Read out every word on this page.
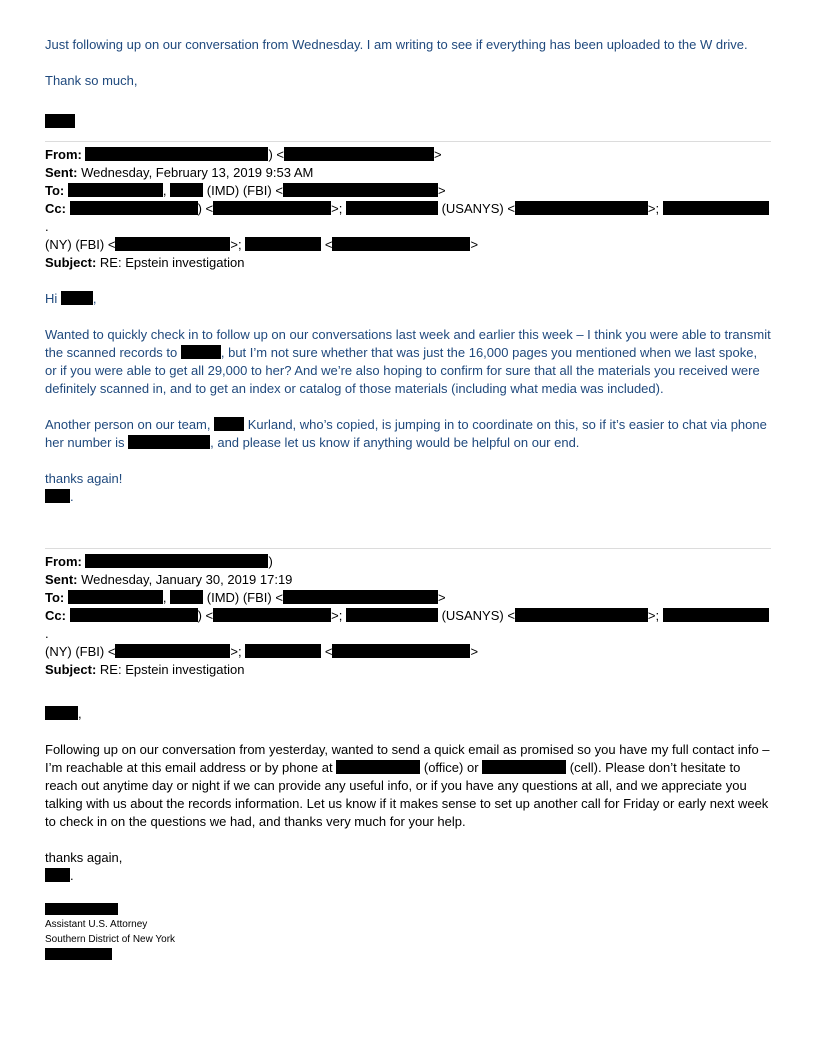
Just following up on our conversation from Wednesday. I am writing to see if everything has been uploaded to the W drive.

Thank so much,

From:	) <	>

Sent: Wednesday, February 13, 2019 9:53 AM

To:	,	(IMD) (FBI) <	>

Cc:	) <	>;	(USANYS) <	>; .

(NY) (FBI) <	>;	<	>

Subject: RE: Epstein investigation

Hi	,

Wanted to quickly check in to follow up on our conversations last week and earlier this week – I think you were able to transmit the scanned records to	, but I’m not sure whether that was just the 16,000 pages you mentioned when we last spoke, or if you were able to get all 29,000 to her? And we’re also hoping to confirm for sure that all the materials you received were definitely scanned in, and to get an index or catalog of those materials (including what media was included).

Another person on our team,	Kurland, who’s copied, is jumping in to coordinate on this, so if it’s easier to chat via phone her number is	, and please let us know if anything would be helpful on our end.

thanks again!

.

From:	)

Sent: Wednesday, January 30, 2019 17:19

To:	,	(IMD) (FBI) <	>

Cc:	) <	>;	(USANYS) <	>; .

(NY) (FBI) <	>;	<	>

Subject: RE: Epstein investigation

,

Following up on our conversation from yesterday, wanted to send a quick email as promised so you have my full contact info – I’m reachable at this email address or by phone at	(office) or	(cell). Please don’t hesitate to reach out anytime day or night if we can provide any useful info, or if you have any questions at all, and we appreciate you talking with us about the records information. Let us know if it makes sense to set up another call for Friday or early next week to check in on the questions we had, and thanks very much for your help.

thanks again,

.

Assistant U.S. Attorney

Southern District of New York
